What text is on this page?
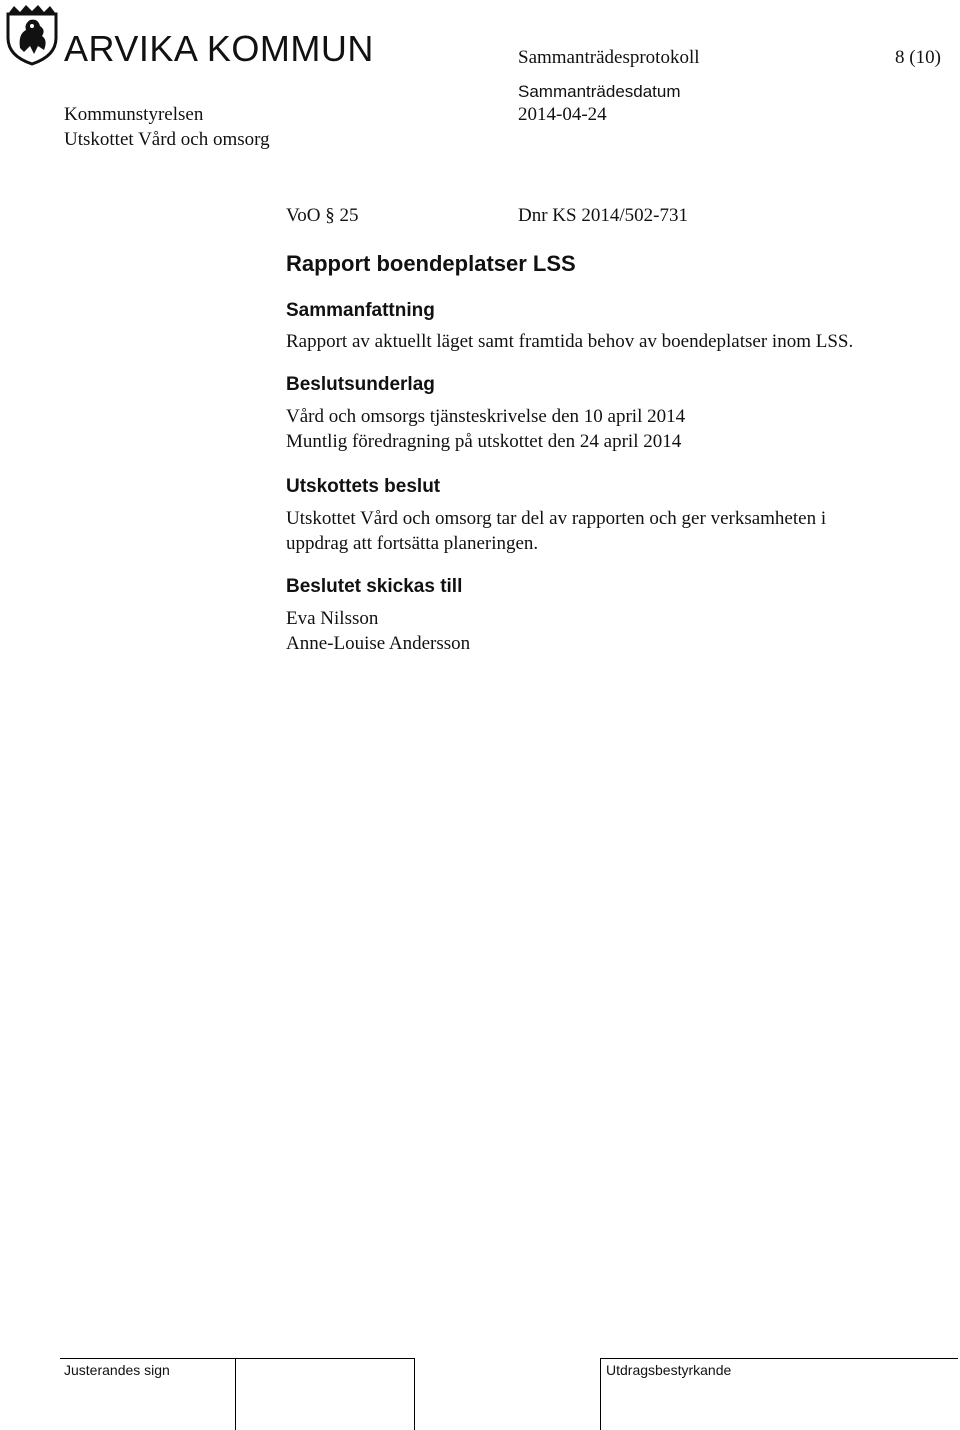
ARVIKA KOMMUN	Sammanträdesprotokoll	8 (10)
Sammanträdesdatum
2014-04-24
Kommunstyrelsen
Utskottet Vård och omsorg
VoO § 25	Dnr KS 2014/502-731
Rapport boendeplatser LSS
Sammanfattning
Rapport av aktuellt läget samt framtida behov av boendeplatser inom LSS.
Beslutsunderlag
Vård och omsorgs tjänsteskrivelse den 10 april 2014
Muntlig föredragning på utskottet den 24 april 2014
Utskottets beslut
Utskottet Vård och omsorg tar del av rapporten och ger verksamheten i
uppdrag att fortsätta planeringen.
Beslutet skickas till
Eva Nilsson
Anne-Louise Andersson
Justerandes sign	Utdragsbestyrkande
